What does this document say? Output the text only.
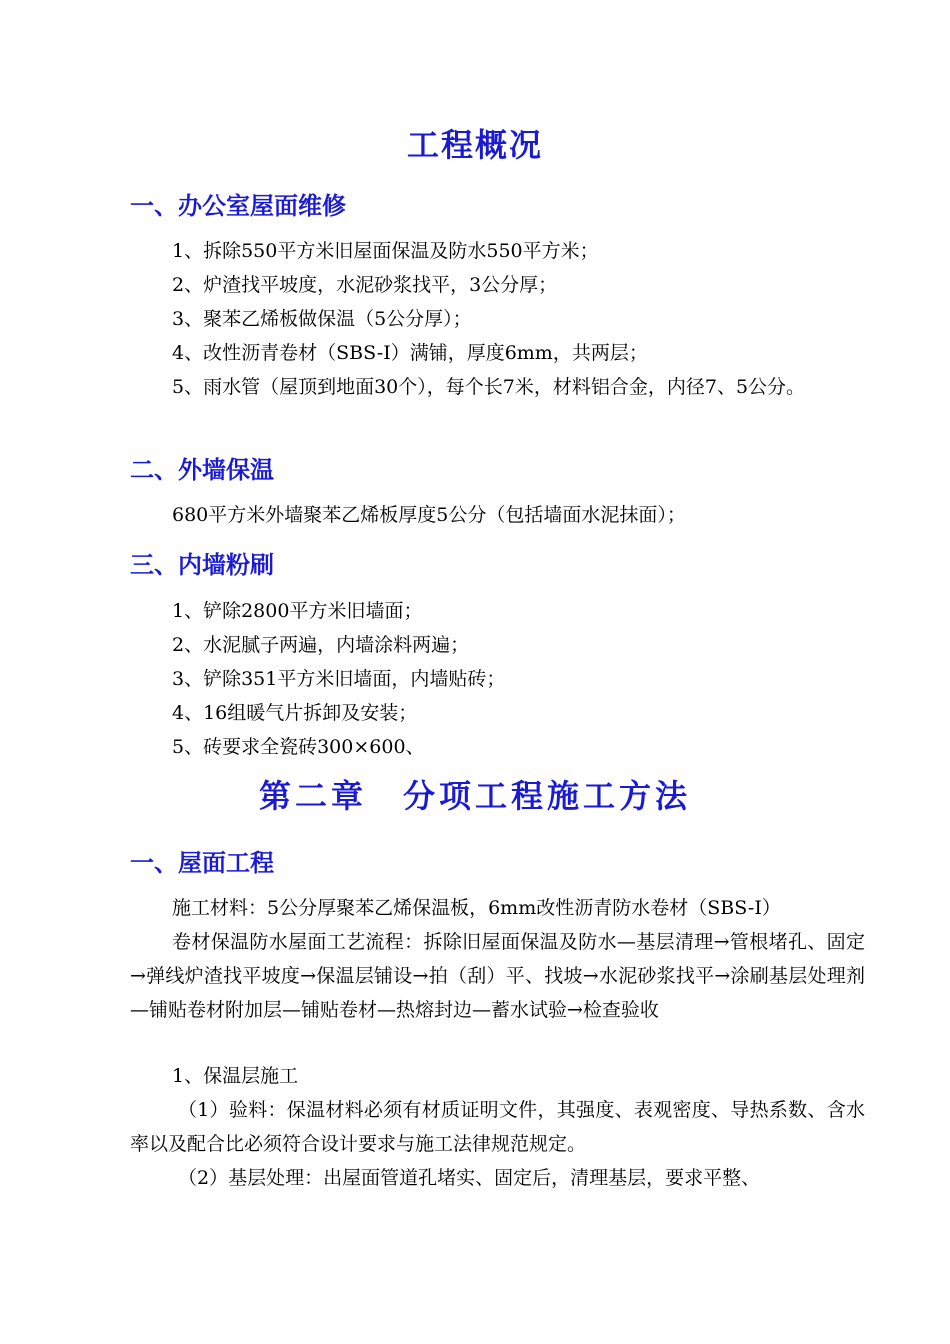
工程概况
一、办公室屋面维修
1、拆除550平方米旧屋面保温及防水550平方米；
2、炉渣找平坡度，水泥砂浆找平，3公分厚；
3、聚苯乙烯板做保温（5公分厚）；
4、改性沥青卷材（SBS-I）满铺，厚度6mm，共两层；
5、雨水管（屋顶到地面30个），每个长7米，材料铝合金，内径7、5公分。
二、外墙保温
680平方米外墙聚苯乙烯板厚度5公分（包括墙面水泥抹面）；
三、内墙粉刷
1、铲除2800平方米旧墙面；
2、水泥腻子两遍，内墙涂料两遍；
3、铲除351平方米旧墙面，内墙贴砖；
4、16组暖气片拆卸及安装；
5、砖要求全瓷砖300×600、
第二章　分项工程施工方法
一、屋面工程
施工材料：5公分厚聚苯乙烯保温板，6mm改性沥青防水卷材（SBS-I）
卷材保温防水屋面工艺流程：拆除旧屋面保温及防水—基层清理→管根堵孔、固定→弹线炉渣找平坡度→保温层铺设→拍（刮）平、找坡→水泥砂浆找平→涂刷基层处理剂—铺贴卷材附加层—铺贴卷材—热熔封边—蓄水试验→检查验收
1、保温层施工
（1）验料：保温材料必须有材质证明文件，其强度、表观密度、导热系数、含水率以及配合比必须符合设计要求与施工法律规范规定。
（2）基层处理：出屋面管道孔堵实、固定后，清理基层，要求平整、
